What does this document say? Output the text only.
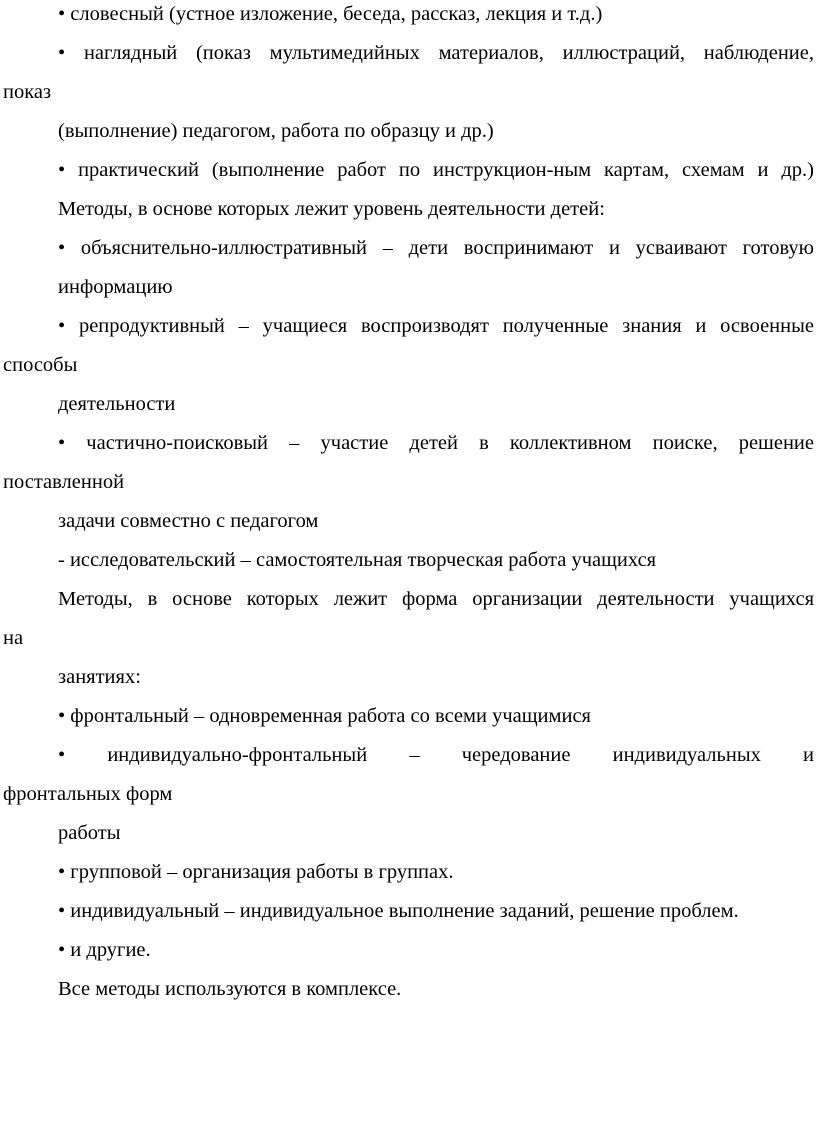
• словесный (устное изложение, беседа, рассказ, лекция и т.д.)

• наглядный (показ мультимедийных материалов, иллюстраций, наблюдение,

показ

(выполнение) педагогом, работа по образцу и др.)

• практический (выполнение работ по инструкцион-ным картам, схемам и др.)

Методы, в основе которых лежит уровень деятельности детей:

• объяснительно-иллюстративный – дети воспринимают и усваивают готовую

информацию

• репродуктивный – учащиеся воспроизводят полученные знания и освоенные

способы

деятельности

• частично-поисковый – участие детей в коллективном поиске, решение

поставленной

задачи совместно с педагогом

- исследовательский – самостоятельная творческая работа учащихся

Методы, в основе которых лежит форма организации деятельности учащихся

на

занятиях:

• фронтальный – одновременная работа со всеми учащимися

• индивидуально-фронтальный – чередование индивидуальных и

фронтальных форм

работы

• групповой – организация работы в группах.

• индивидуальный – индивидуальное выполнение заданий, решение проблем.

• и другие.

Все методы используются в комплексе.
